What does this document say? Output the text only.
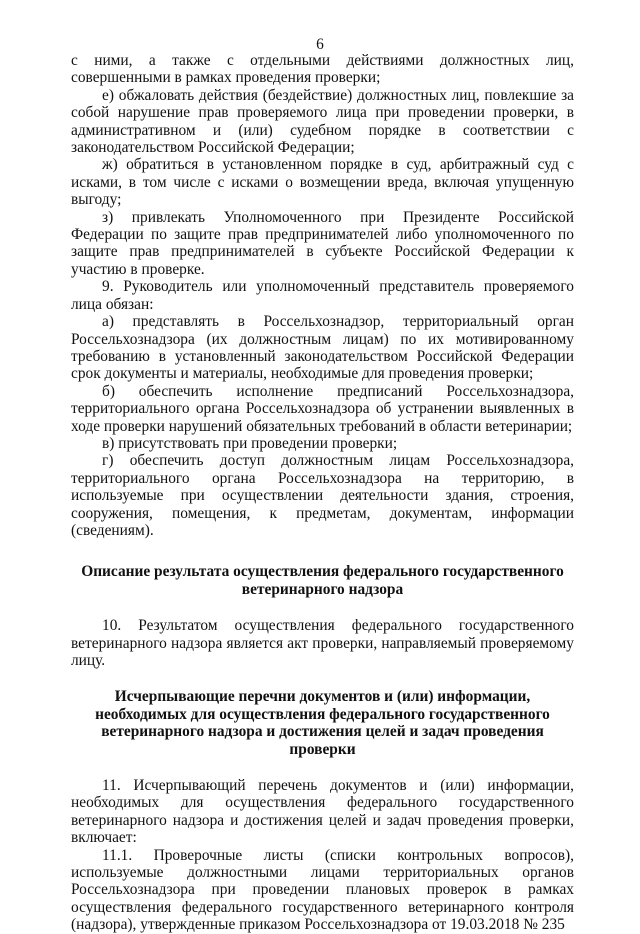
6

с ними, а также с отдельными действиями должностных лиц, совершенными в рамках проведения проверки;

е) обжаловать действия (бездействие) должностных лиц, повлекшие за собой нарушение прав проверяемого лица при проведении проверки, в административном и (или) судебном порядке в соответствии с законодательством Российской Федерации;

ж) обратиться в установленном порядке в суд, арбитражный суд с исками, в том числе с исками о возмещении вреда, включая упущенную выгоду;

з) привлекать Уполномоченного при Президенте Российской Федерации по защите прав предпринимателей либо уполномоченного по защите прав предпринимателей в субъекте Российской Федерации к участию в проверке.

9. Руководитель или уполномоченный представитель проверяемого лица обязан:

а) представлять в Россельхознадзор, территориальный орган Россельхознадзора (их должностным лицам) по их мотивированному требованию в установленный законодательством Российской Федерации срок документы и материалы, необходимые для проведения проверки;

б) обеспечить исполнение предписаний Россельхознадзора, территориального органа Россельхознадзора об устранении выявленных в ходе проверки нарушений обязательных требований в области ветеринарии;

в) присутствовать при проведении проверки;

г) обеспечить доступ должностным лицам Россельхознадзора, территориального органа Россельхознадзора на территорию, в используемые при осуществлении деятельности здания, строения, сооружения, помещения, к предметам, документам, информации (сведениям).

Описание результата осуществления федерального государственного ветеринарного надзора

10. Результатом осуществления федерального государственного ветеринарного надзора является акт проверки, направляемый проверяемому лицу.

Исчерпывающие перечни документов и (или) информации, необходимых для осуществления федерального государственного ветеринарного надзора и достижения целей и задач проведения проверки

11. Исчерпывающий перечень документов и (или) информации, необходимых для осуществления федерального государственного ветеринарного надзора и достижения целей и задач проведения проверки, включает:

11.1. Проверочные листы (списки контрольных вопросов), используемые должностными лицами территориальных органов Россельхознадзора при проведении плановых проверок в рамках осуществления федерального государственного ветеринарного контроля (надзора), утвержденные приказом Россельхознадзора от 19.03.2018 № 235
